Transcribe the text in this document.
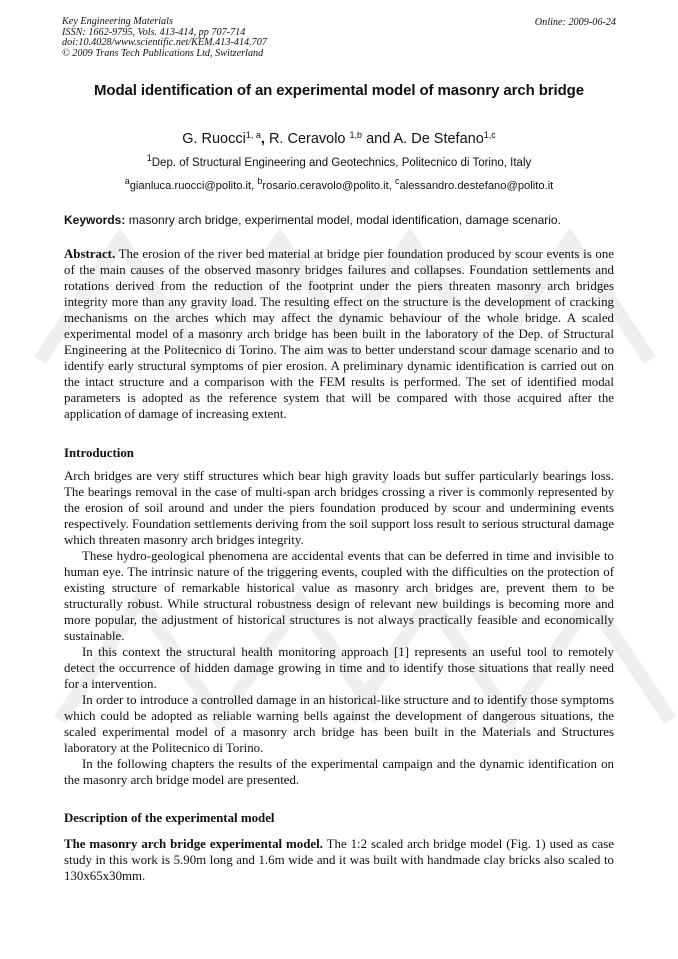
Key Engineering Materials
ISSN: 1662-9795, Vols. 413-414, pp 707-714
doi:10.4028/www.scientific.net/KEM.413-414.707
© 2009 Trans Tech Publications Ltd, Switzerland
Online: 2009-06-24
Modal identification of an experimental model of masonry arch bridge
G. Ruocci$^{1, a}$, R. Ceravolo $^{1,b}$ and A. De Stefano$^{1,c}$
$^1$Dep. of Structural Engineering and Geotechnics, Politecnico di Torino, Italy
$^a$gianluca.ruocci@polito.it, $^b$rosario.ceravolo@polito.it, $^c$alessandro.destefano@polito.it
Keywords: masonry arch bridge, experimental model, modal identification, damage scenario.

Abstract. The erosion of the river bed material at bridge pier foundation produced by scour events is one of the main causes of the observed masonry bridges failures and collapses. Foundation settlements and rotations derived from the reduction of the footprint under the piers threaten masonry arch bridges integrity more than any gravity load. The resulting effect on the structure is the development of cracking mechanisms on the arches which may affect the dynamic behaviour of the whole bridge. A scaled experimental model of a masonry arch bridge has been built in the laboratory of the Dep. of Structural Engineering at the Politecnico di Torino. The aim was to better understand scour damage scenario and to identify early structural symptoms of pier erosion. A preliminary dynamic identification is carried out on the intact structure and a comparison with the FEM results is performed. The set of identified modal parameters is adopted as the reference system that will be compared with those acquired after the application of damage of increasing extent.

Introduction

Arch bridges are very stiff structures which bear high gravity loads but suffer particularly bearings loss. The bearings removal in the case of multi-span arch bridges crossing a river is commonly represented by the erosion of soil around and under the piers foundation produced by scour and undermining events respectively. Foundation settlements deriving from the soil support loss result to serious structural damage which threaten masonry arch bridges integrity.

These hydro-geological phenomena are accidental events that can be deferred in time and invisible to human eye. The intrinsic nature of the triggering events, coupled with the difficulties on the protection of existing structure of remarkable historical value as masonry arch bridges are, prevent them to be structurally robust. While structural robustness design of relevant new buildings is becoming more and more popular, the adjustment of historical structures is not always practically feasible and economically sustainable.

In this context the structural health monitoring approach [1] represents an useful tool to remotely detect the occurrence of hidden damage growing in time and to identify those situations that really need for a intervention.

In order to introduce a controlled damage in an historical-like structure and to identify those symptoms which could be adopted as reliable warning bells against the development of dangerous situations, the scaled experimental model of a masonry arch bridge has been built in the Materials and Structures laboratory at the Politecnico di Torino.

In the following chapters the results of the experimental campaign and the dynamic identification on the masonry arch bridge model are presented.

Description of the experimental model

The masonry arch bridge experimental model. The 1:2 scaled arch bridge model (Fig. 1) used as case study in this work is 5.90m long and 1.6m wide and it was built with handmade clay bricks also scaled to 130x65x30mm.
